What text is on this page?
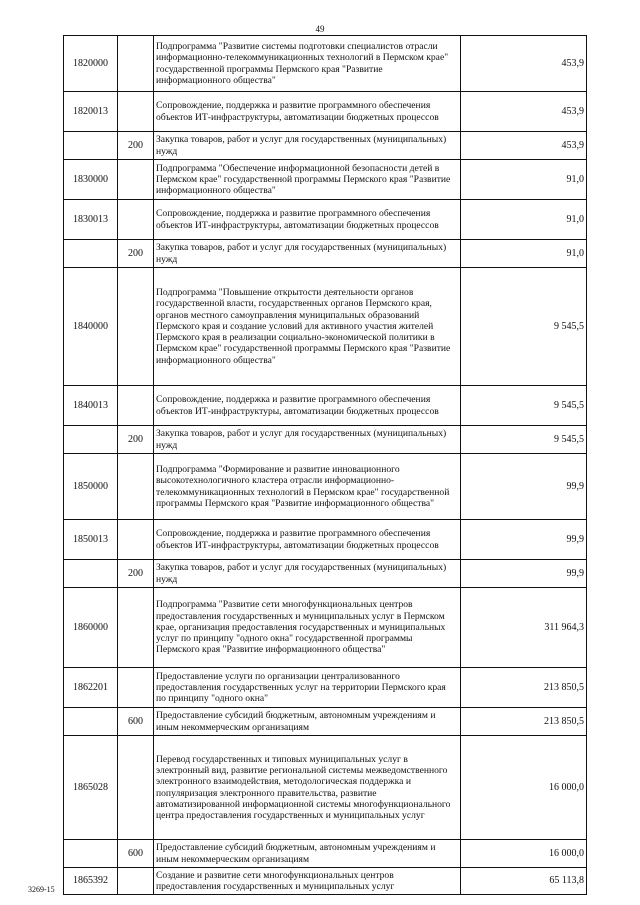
49
1820000		Подпрограмма "Развитие системы подготовки специалистов отрасли информационно-телекоммуникационных технологий в Пермском крае" государственной программы Пермского края "Развитие информационного общества"	453,9
1820013		Сопровождение, поддержка и развитие программного обеспечения объектов ИТ-инфраструктуры, автоматизации бюджетных процессов	453,9
	200	Закупка товаров, работ и услуг для государственных (муниципальных) нужд	453,9
1830000		Подпрограмма "Обеспечение информационной безопасности детей в Пермском крае" государственной программы Пермского края "Развитие информационного общества"	91,0
1830013		Сопровождение, поддержка и развитие программного обеспечения объектов ИТ-инфраструктуры, автоматизации бюджетных процессов	91,0
	200	Закупка товаров, работ и услуг для государственных (муниципальных) нужд	91,0
1840000		Подпрограмма "Повышение открытости деятельности органов государственной власти, государственных органов Пермского края, органов местного самоуправления муниципальных образований Пермского края и создание условий для активного участия жителей Пермского края в реализации социально-экономической политики в Пермском крае" государственной программы Пермского края "Развитие информационного общества"	9 545,5
1840013		Сопровождение, поддержка и развитие программного обеспечения объектов ИТ-инфраструктуры, автоматизации бюджетных процессов	9 545,5
	200	Закупка товаров, работ и услуг для государственных (муниципальных) нужд	9 545,5
1850000		Подпрограмма "Формирование и развитие инновационного высокотехнологичного кластера отрасли информационно-телекоммуникационных технологий в Пермском крае" государственной программы Пермского края "Развитие информационного общества"	99,9
1850013		Сопровождение, поддержка и развитие программного обеспечения объектов ИТ-инфраструктуры, автоматизации бюджетных процессов	99,9
	200	Закупка товаров, работ и услуг для государственных (муниципальных) нужд	99,9
1860000		Подпрограмма "Развитие сети многофункциональных центров предоставления государственных и муниципальных услуг в Пермском крае, организация предоставления государственных и муниципальных услуг по принципу "одного окна" государственной программы Пермского края "Развитие информационного общества"	311 964,3
1862201		Предоставление услуги по организации централизованного предоставления государственных услуг на территории Пермского края по принципу "одного окна"	213 850,5
	600	Предоставление субсидий бюджетным, автономным учреждениям и иным некоммерческим организациям	213 850,5
1865028		Перевод государственных и типовых муниципальных услуг в электронный вид, развитие региональной системы межведомственного электронного взаимодействия, методологическая поддержка и популяризация электронного правительства, развитие автоматизированной информационной системы многофункционального центра предоставления государственных и муниципальных услуг	16 000,0
	600	Предоставление субсидий бюджетным, автономным учреждениям и иным некоммерческим организациям	16 000,0
1865392		Создание и развитие сети многофункциональных центров предоставления государственных и муниципальных услуг	65 113,8
3269-15
